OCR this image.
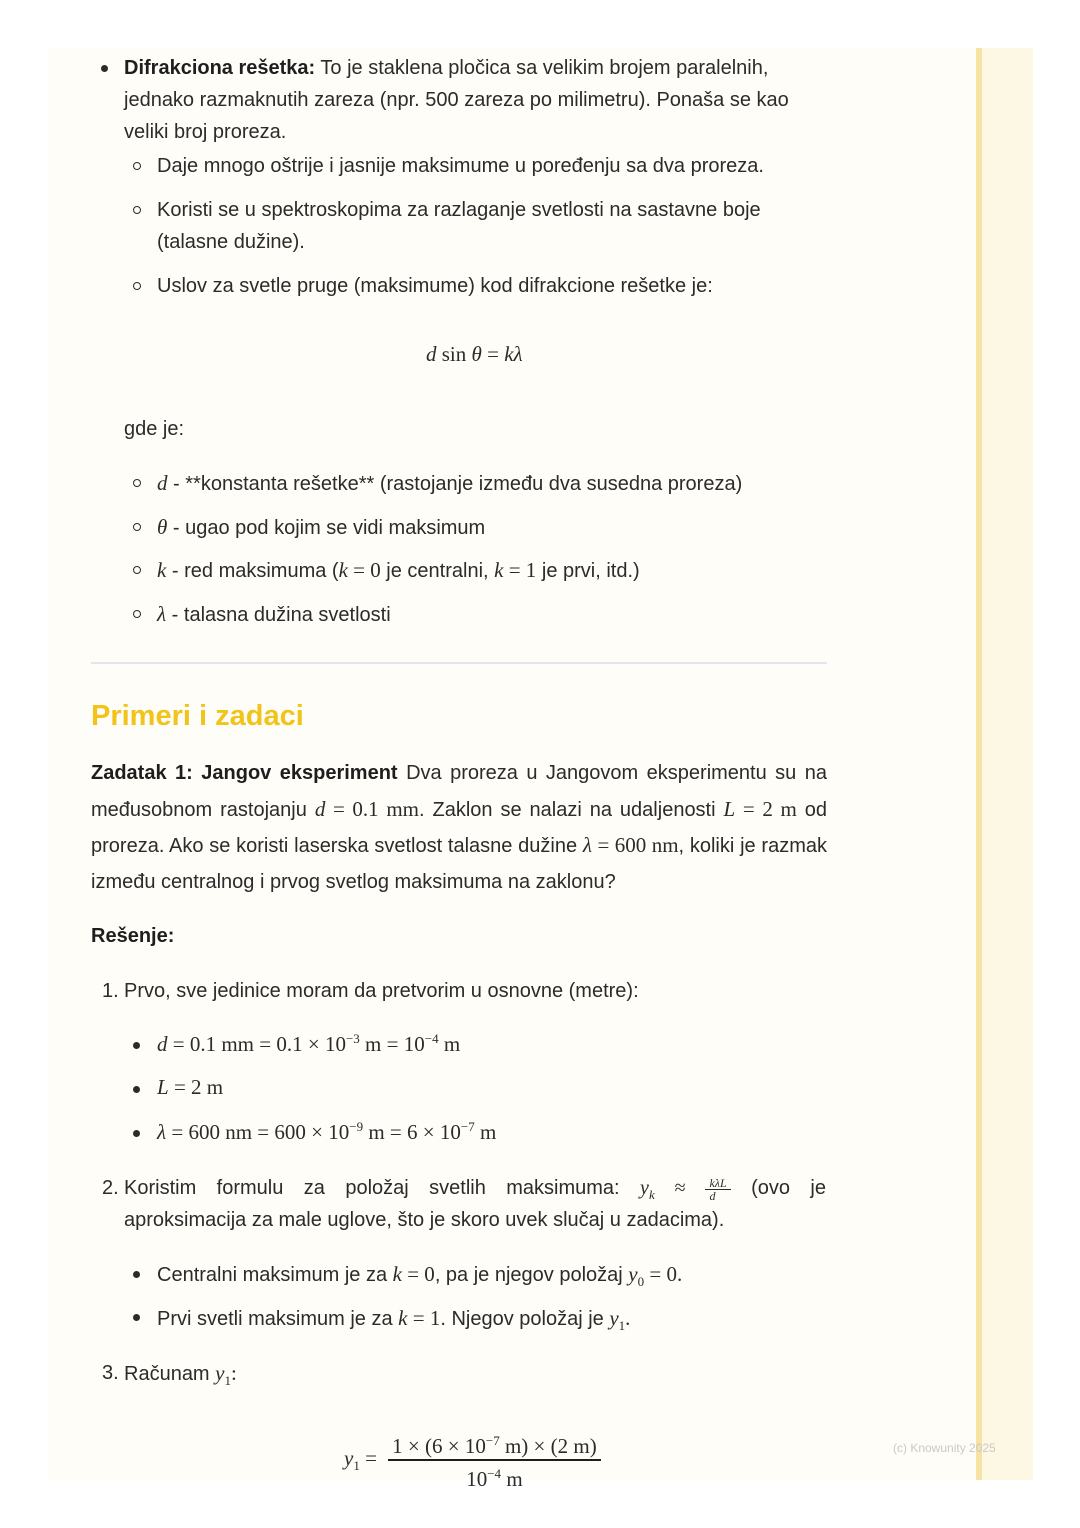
Difrakciona rešetka: To je staklena pločica sa velikim brojem paralelnih, jednako razmaknutih zareza (npr. 500 zareza po milimetru). Ponaša se kao veliki broj proreza.
Daje mnogo oštrije i jasnije maksimume u poređenju sa dva proreza.
Koristi se u spektroskopima za razlaganje svetlosti na sastavne boje (talasne dužine).
Uslov za svetle pruge (maksimume) kod difrakcione rešetke je:
d sin θ = kλ
gde je:
d - **konstanta rešetke** (rastojanje između dva susedna proreza)
θ - ugao pod kojim se vidi maksimum
k - red maksimuma (k = 0 je centralni, k = 1 je prvi, itd.)
λ - talasna dužina svetlosti
Primeri i zadaci
Zadatak 1: Jangov eksperiment Dva proreza u Jangovom eksperimentu su na međusobnom rastojanju d = 0.1 mm. Zaklon se nalazi na udaljenosti L = 2 m od proreza. Ako se koristi laserska svetlost talasne dužine λ = 600 nm, koliki je razmak između centralnog i prvog svetlog maksimuma na zaklonu?
Rešenje:
1. Prvo, sve jedinice moram da pretvorim u osnovne (metre):
d = 0.1 mm = $0.1 \times 10^{-3}$ $m = 10^{-4}$ m
L = 2 m
λ = 600 nm = $600 \times 10^{-9}$ $m = 6 \times 10^{-7}$ m
2. Koristim formulu za položaj svetlih maksimuma: $y_k \approx \frac{\text{kλL}}{d} (ovo$ je
aproksimacija za male uglove, što je skoro uvek slučaj u zadacima).
Centralni maksimum je za k = 0, pa je njegov položaj $y_0 = 0$.
Prvi svetli maksimum je za k = 1. Njegov položaj je $y_1$.
3. Računam $y_1$:
$y_1 = \frac{1 \times (6 \times 10^{-7} m) \times (2 m)}{10^{-4} m}$	(c) Knowunity 2025
